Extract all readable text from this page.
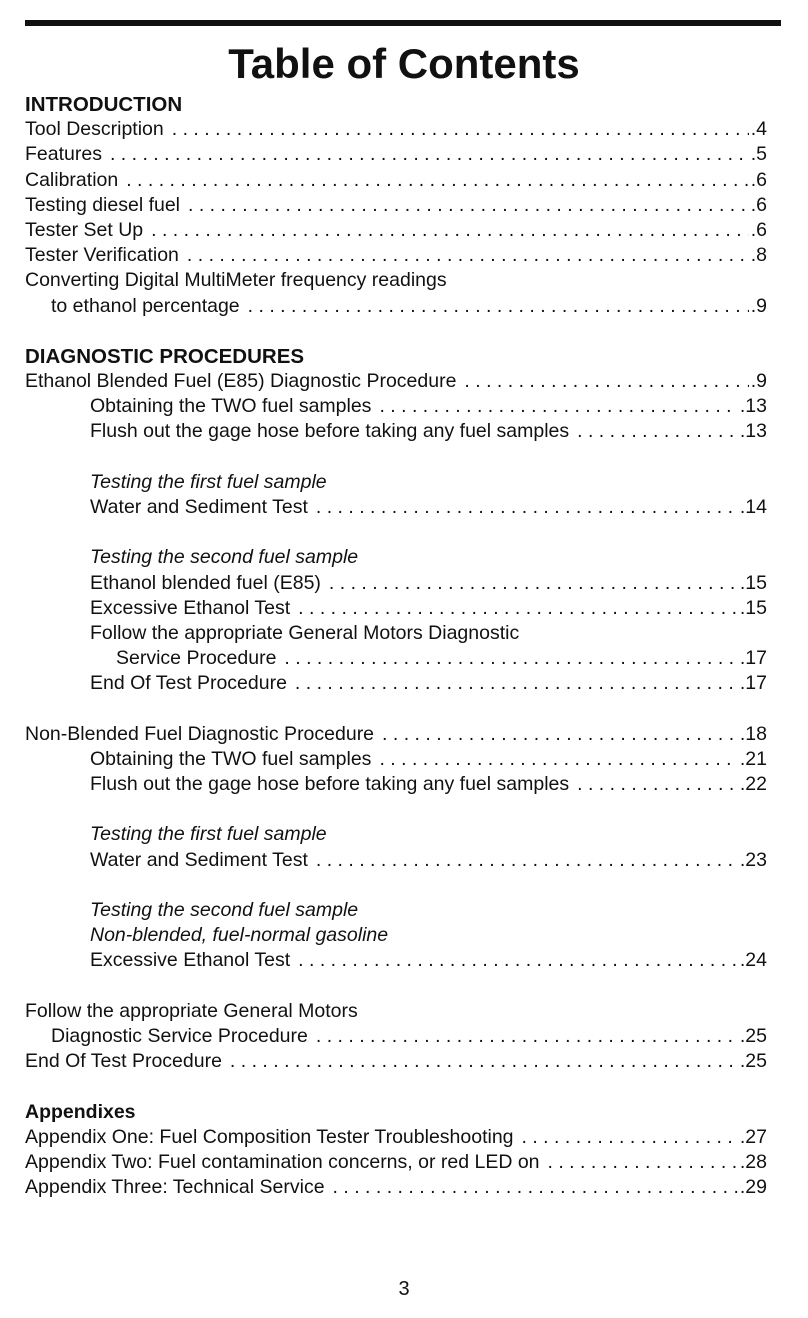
Table of Contents
INTRODUCTION
Tool Description . . .	.4
Features . . .	.5
Calibration . . .	.6
Testing diesel fuel . . .	.6
Tester Set Up . . .	.6
Tester Verification . . .	.8
Converting Digital MultiMeter frequency readings
to ethanol percentage . . .	.9
DIAGNOSTIC PROCEDURES
Ethanol Blended Fuel (E85) Diagnostic Procedure . . .	.9
Obtaining the TWO fuel samples . . .	.13
Flush out the gage hose before taking any fuel samples . . .	.13
Testing the first fuel sample
Water and Sediment Test . . .	.14
Testing the second fuel sample
Ethanol blended fuel (E85) . . .	.15
Excessive Ethanol Test . . .	.15
Follow the appropriate General Motors Diagnostic
Service Procedure . . .	.17
End Of Test Procedure . . .	.17
Non-Blended Fuel Diagnostic Procedure . . .	.18
Obtaining the TWO fuel samples . . .	.21
Flush out the gage hose before taking any fuel samples . . .	.22
Testing the first fuel sample
Water and Sediment Test . . .	.23
Testing the second fuel sample
Non-blended, fuel-normal gasoline
Excessive Ethanol Test . . .	.24
Follow the appropriate General Motors
Diagnostic Service Procedure . . .	.25
End Of Test Procedure . . .	.25
Appendixes
Appendix One: Fuel Composition Tester Troubleshooting . . .	.27
Appendix Two: Fuel contamination concerns, or red LED on . . .	.28
Appendix Three: Technical Service . . .	.29
3
